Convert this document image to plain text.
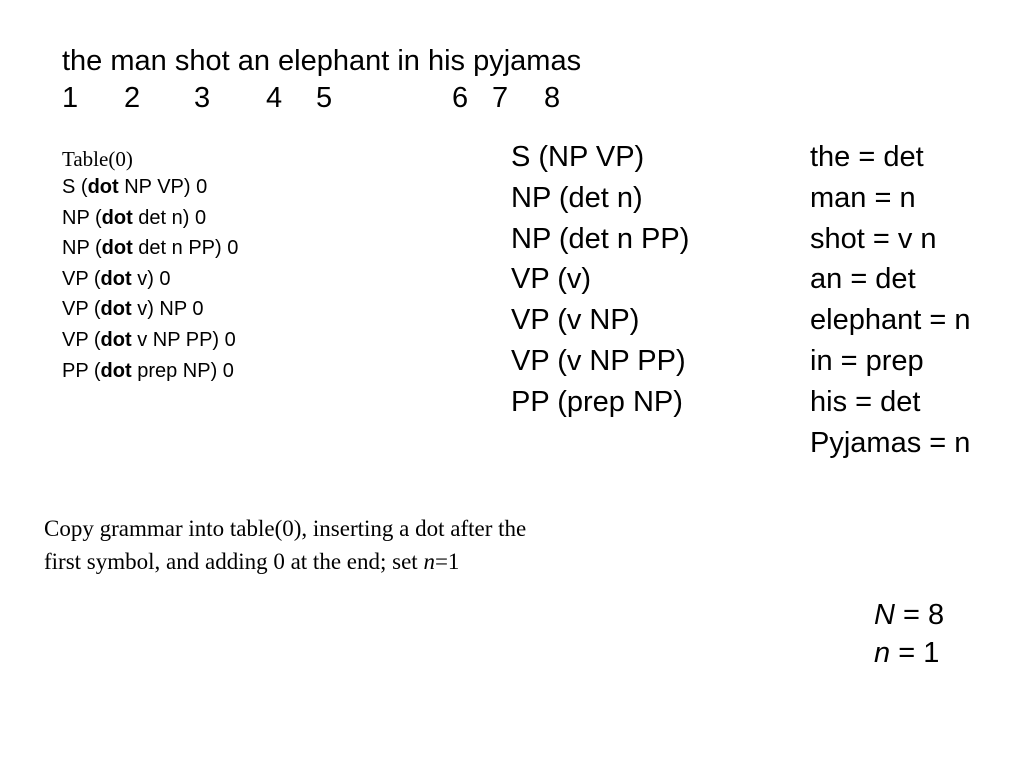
the man shot an elephant in his pyjamas

1 2 3 4 5	6 7 8
Table(0)
S (dot NP VP) 0
NP (dot det n) 0
NP (dot det n PP) 0
VP (dot v) 0
VP (dot v) NP 0
VP (dot v NP PP) 0
PP (dot prep NP) 0
S (NP VP)
NP (det n)
NP (det n PP)
VP (v)
VP (v NP)
VP (v NP PP)
PP (prep NP)
the = det
man = n
shot = v n
an = det
elephant = n
in = prep
his = det
Pyjamas = n
Copy grammar into table(0), inserting a dot after the
first symbol, and adding 0 at the end; set n=1
N = 8
n = 1
